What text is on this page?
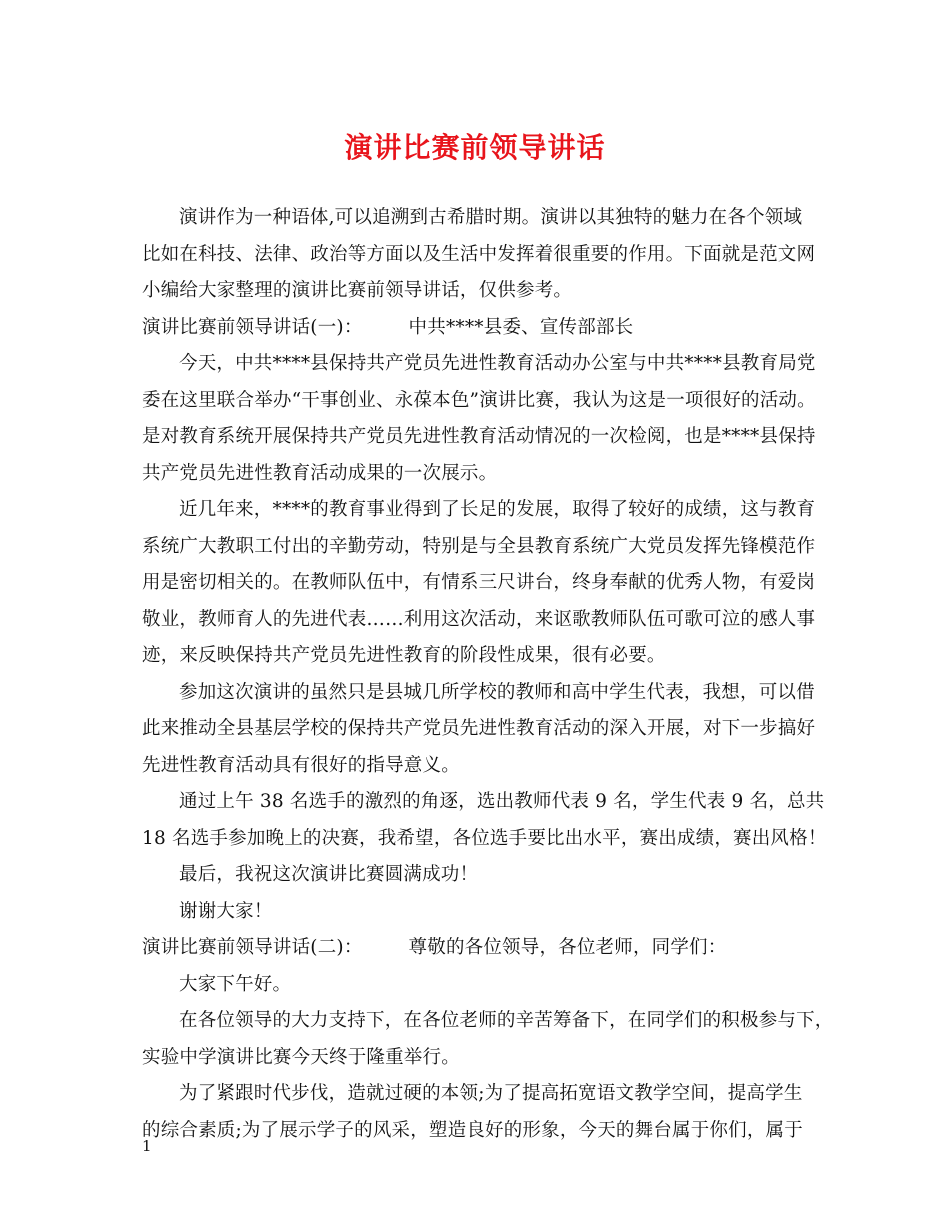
演讲比赛前领导讲话
演讲作为一种语体,可以追溯到古希腊时期。演讲以其独特的魅力在各个领域
比如在科技、法律、政治等方面以及生活中发挥着很重要的作用。下面就是范文网
小编给大家整理的演讲比赛前领导讲话，仅供参考。
演讲比赛前领导讲话(一)： 中共****县委、宣传部部长
今天，中共****县保持共产党员先进性教育活动办公室与中共****县教育局党
委在这里联合举办“干事创业、永葆本色”演讲比赛，我认为这是一项很好的活动。
是对教育系统开展保持共产党员先进性教育活动情况的一次检阅，也是****县保持
共产党员先进性教育活动成果的一次展示。
近几年来，****的教育事业得到了长足的发展，取得了较好的成绩，这与教育
系统广大教职工付出的辛勤劳动，特别是与全县教育系统广大党员发挥先锋模范作
用是密切相关的。在教师队伍中，有情系三尺讲台，终身奉献的优秀人物，有爱岗
敬业，教师育人的先进代表……利用这次活动，来讴歌教师队伍可歌可泣的感人事
迹，来反映保持共产党员先进性教育的阶段性成果，很有必要。
参加这次演讲的虽然只是县城几所学校的教师和高中学生代表，我想，可以借
此来推动全县基层学校的保持共产党员先进性教育活动的深入开展，对下一步搞好
先进性教育活动具有很好的指导意义。
通过上午 38 名选手的激烈的角逐，选出教师代表 9 名，学生代表 9 名，总共
18 名选手参加晚上的决赛，我希望，各位选手要比出水平，赛出成绩，赛出风格！
最后，我祝这次演讲比赛圆满成功！
谢谢大家！
演讲比赛前领导讲话(二)： 尊敬的各位领导，各位老师，同学们：
大家下午好。
在各位领导的大力支持下，在各位老师的辛苦筹备下，在同学们的积极参与下，
实验中学演讲比赛今天终于隆重举行。
为了紧跟时代步伐，造就过硬的本领;为了提高拓宽语文教学空间，提高学生
的综合素质;为了展示学子的风采，塑造良好的形象，今天的舞台属于你们，属于
1
